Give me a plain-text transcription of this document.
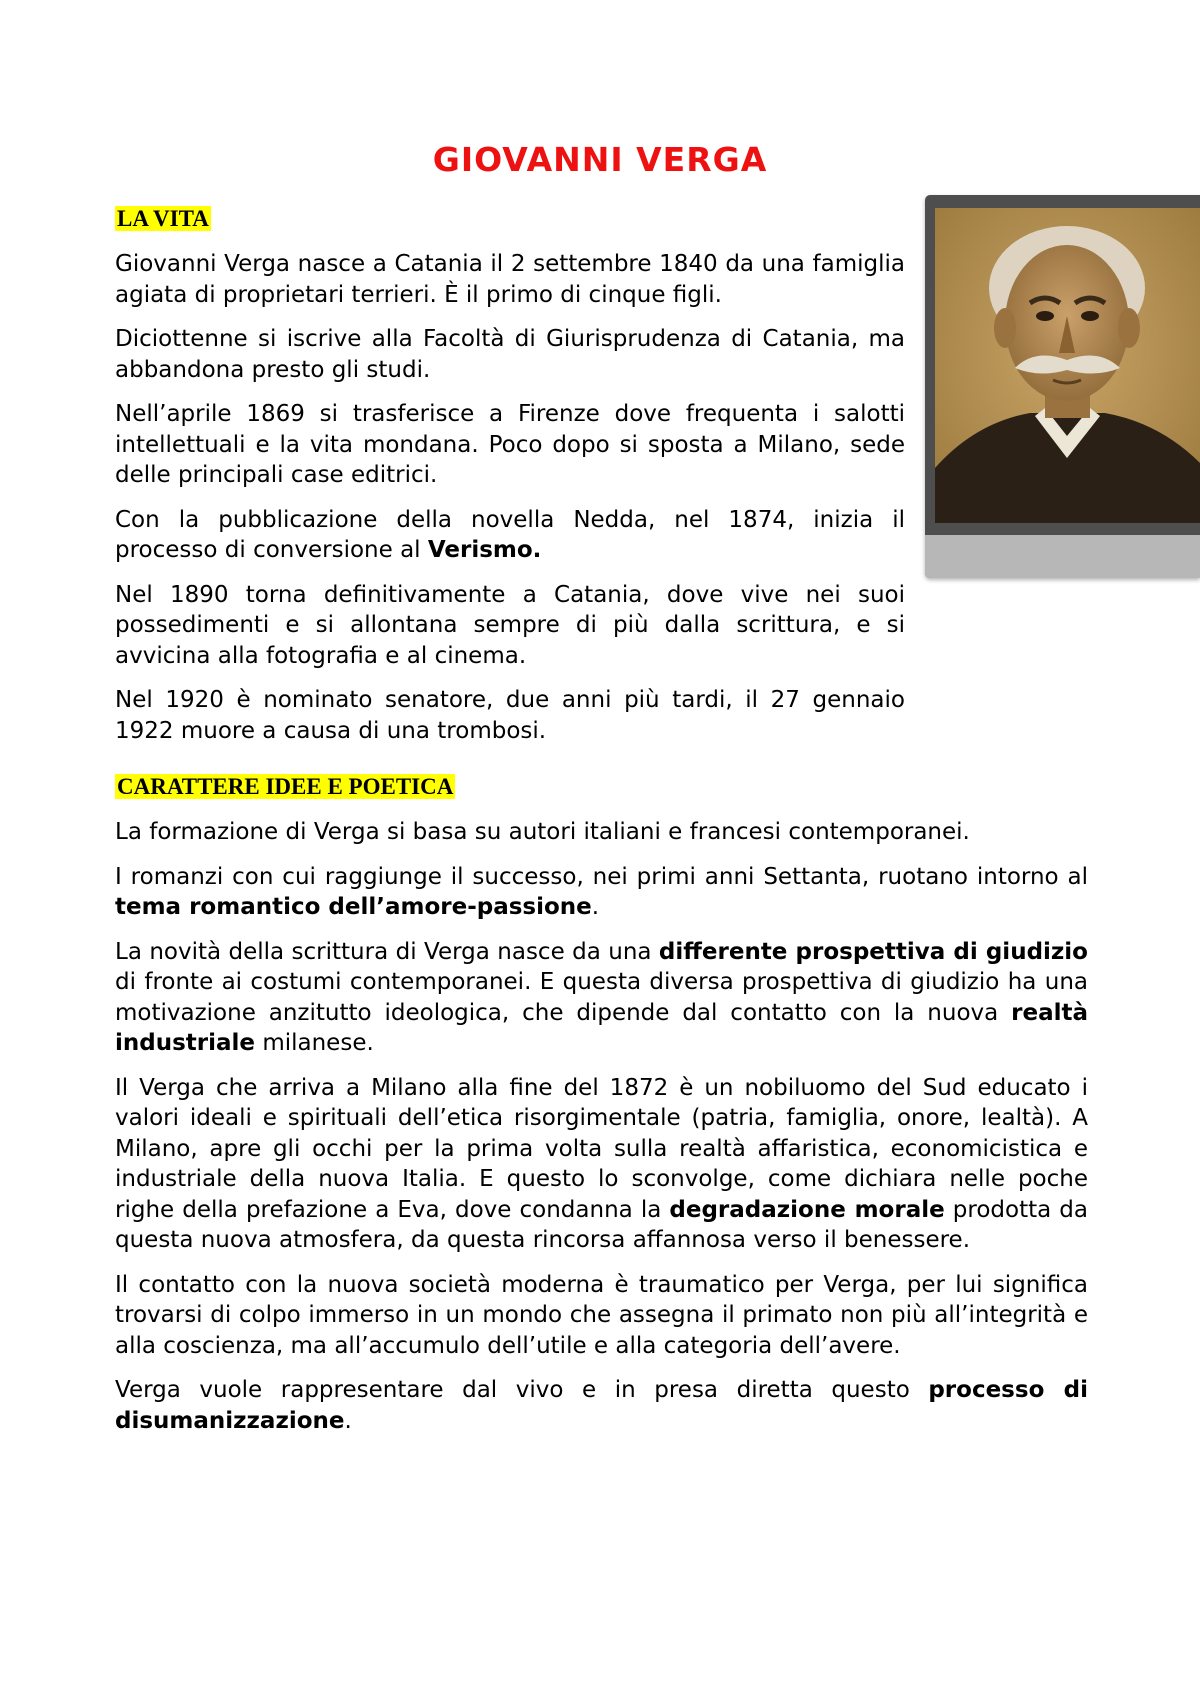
GIOVANNI VERGA
LA VITA

Giovanni Verga nasce a Catania il 2 settembre 1840 da una famiglia agiata di proprietari terrieri. È il primo di cinque figli.

Diciottenne si iscrive alla Facoltà di Giurisprudenza di Catania, ma abbandona presto gli studi.

Nell’aprile 1869 si trasferisce a Firenze dove frequenta i salotti intellettuali e la vita mondana. Poco dopo si sposta a Milano, sede delle principali case editrici.

Con la pubblicazione della novella Nedda, nel 1874, inizia il processo di conversione al Verismo.

Nel 1890 torna definitivamente a Catania, dove vive nei suoi possedimenti e si allontana sempre di più dalla scrittura, e si avvicina alla fotografia e al cinema.

Nel 1920 è nominato senatore, due anni più tardi, il 27 gennaio 1922 muore a causa di una trombosi.

CARATTERE IDEE E POETICA

La formazione di Verga si basa su autori italiani e francesi contemporanei.

I romanzi con cui raggiunge il successo, nei primi anni Settanta, ruotano intorno al tema romantico dell’amore-passione.

La novità della scrittura di Verga nasce da una differente prospettiva di giudizio di fronte ai costumi contemporanei. E questa diversa prospettiva di giudizio ha una motivazione anzitutto ideologica, che dipende dal contatto con la nuova realtà industriale milanese.

Il Verga che arriva a Milano alla fine del 1872 è un nobiluomo del Sud educato i valori ideali e spirituali dell’etica risorgimentale (patria, famiglia, onore, lealtà). A Milano, apre gli occhi per la prima volta sulla realtà affaristica, economicistica e industriale della nuova Italia. E questo lo sconvolge, come dichiara nelle poche righe della prefazione a Eva, dove condanna la degradazione morale prodotta da questa nuova atmosfera, da questa rincorsa affannosa verso il benessere.

Il contatto con la nuova società moderna è traumatico per Verga, per lui significa trovarsi di colpo immerso in un mondo che assegna il primato non più all’integrità e alla coscienza, ma all’accumulo dell’utile e alla categoria dell’avere.

Verga vuole rappresentare dal vivo e in presa diretta questo processo di disumanizzazione.
